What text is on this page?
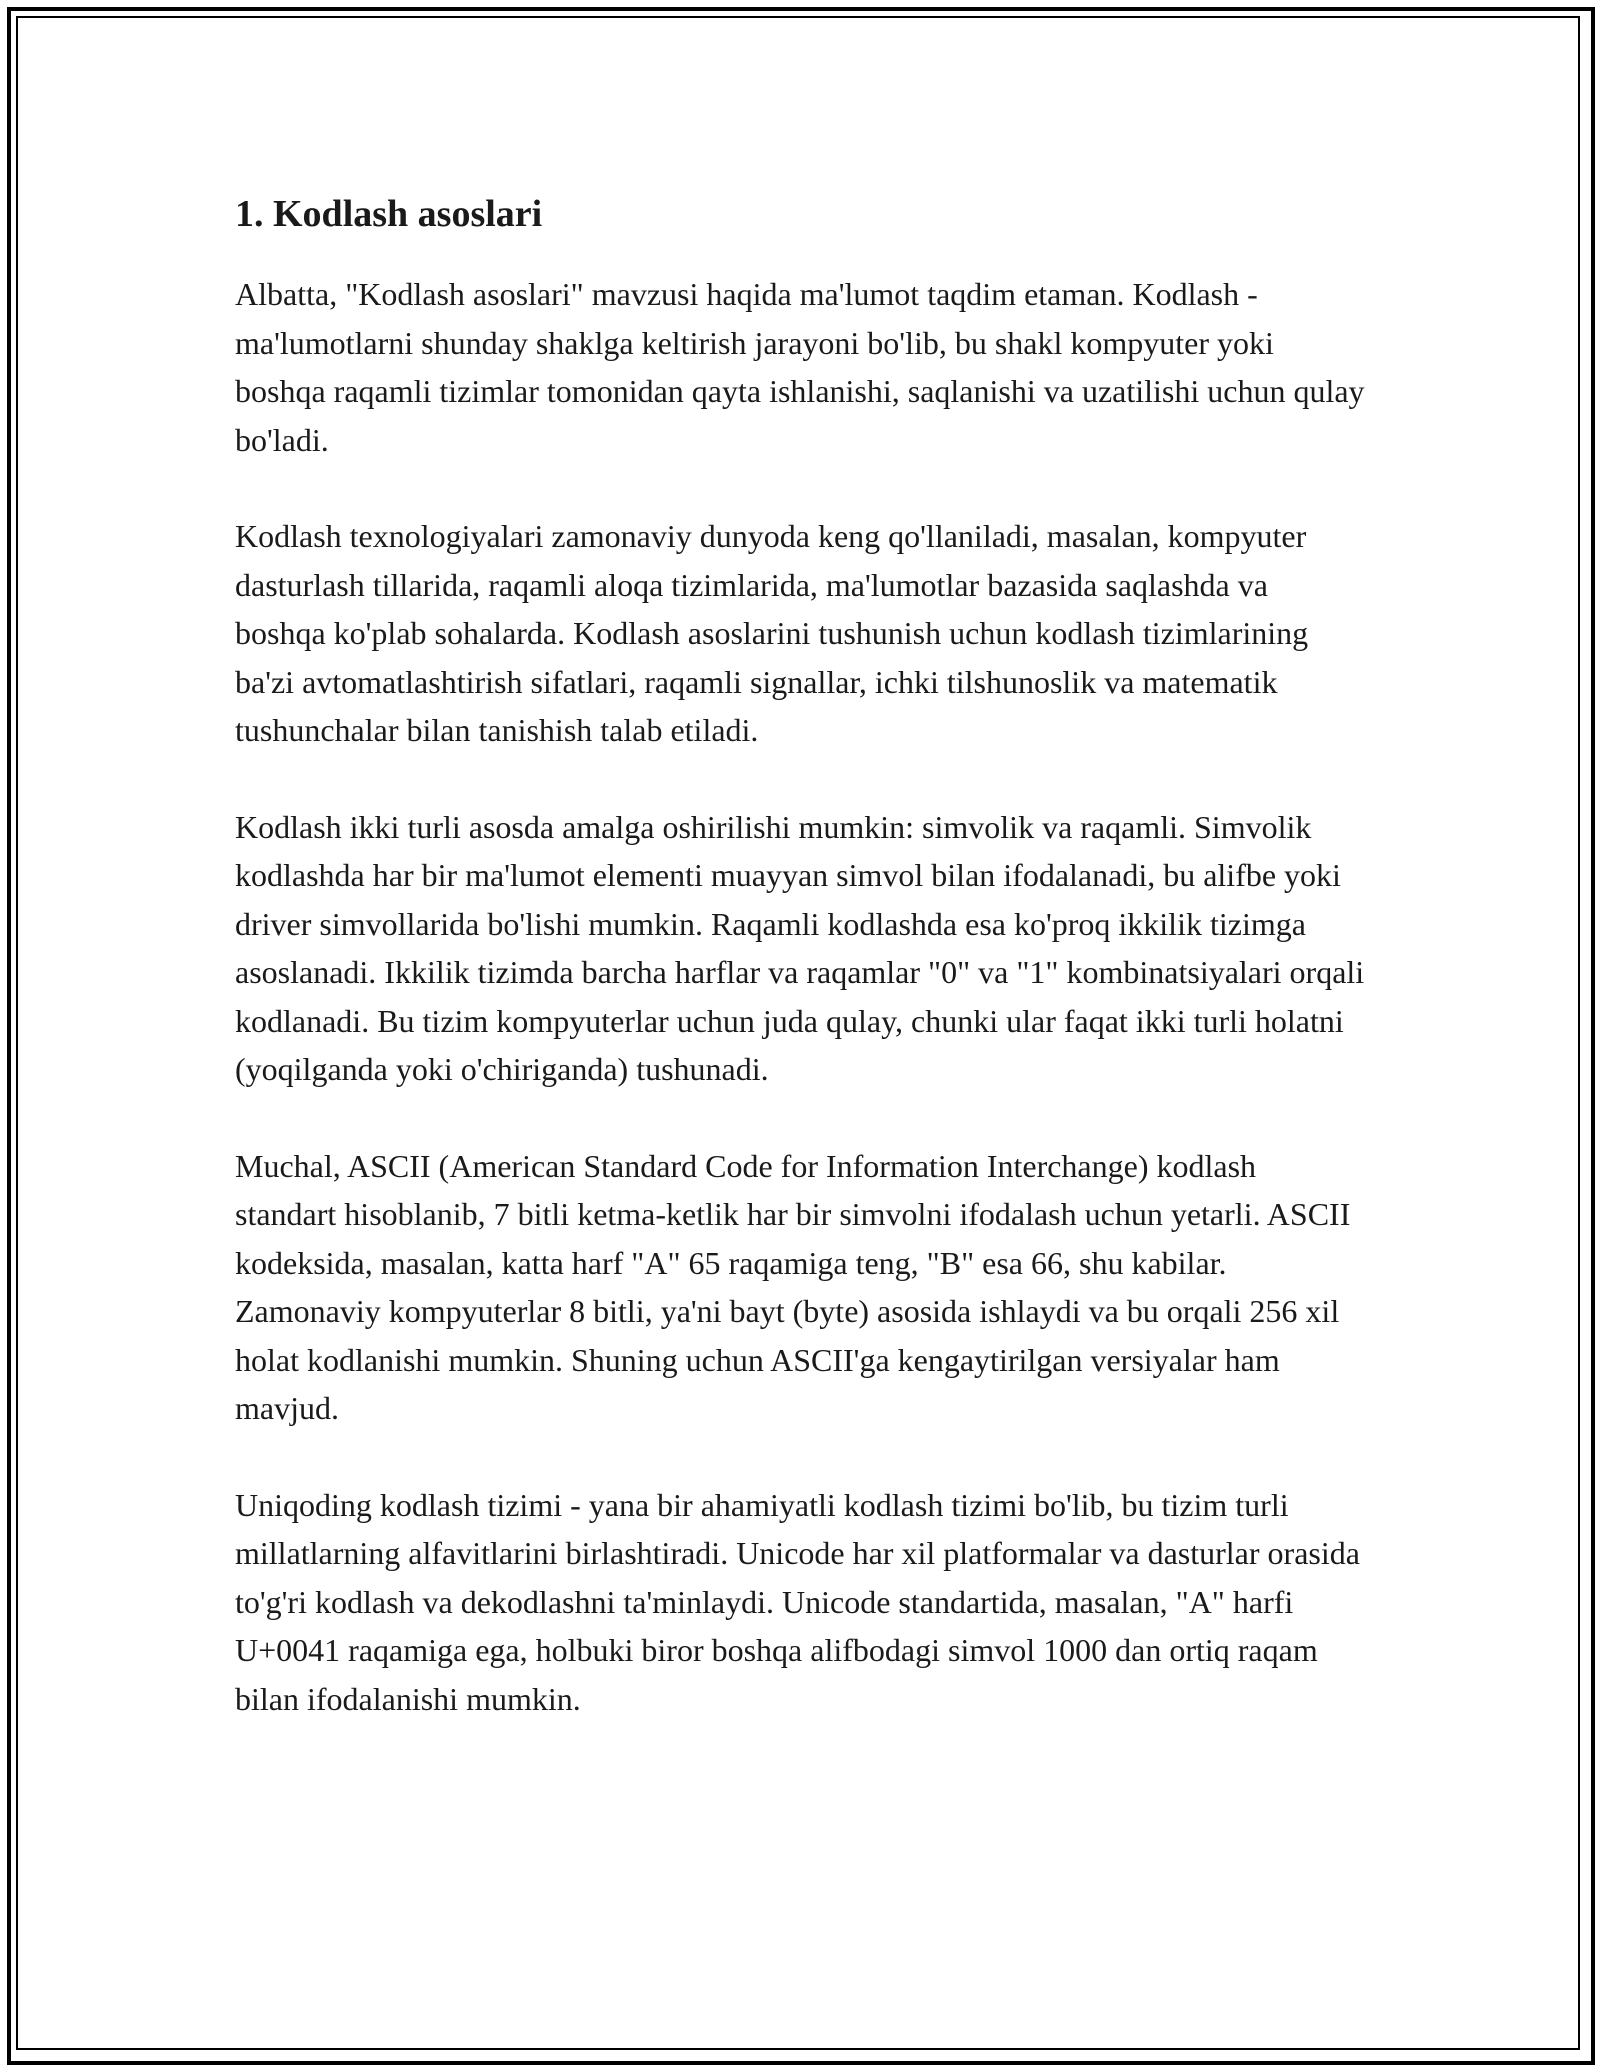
1. Kodlash asoslari

Albatta, "Kodlash asoslari" mavzusi haqida ma'lumot taqdim etaman. Kodlash - ma'lumotlarni shunday shaklga keltirish jarayoni bo'lib, bu shakl kompyuter yoki boshqa raqamli tizimlar tomonidan qayta ishlanishi, saqlanishi va uzatilishi uchun qulay bo'ladi.

Kodlash texnologiyalari zamonaviy dunyoda keng qo'llaniladi, masalan, kompyuter dasturlash tillarida, raqamli aloqa tizimlarida, ma'lumotlar bazasida saqlashda va boshqa ko'plab sohalarda. Kodlash asoslarini tushunish uchun kodlash tizimlarining ba'zi avtomatlashtirish sifatlari, raqamli signallar, ichki tilshunoslik va matematik tushunchalar bilan tanishish talab etiladi.

Kodlash ikki turli asosda amalga oshirilishi mumkin: simvolik va raqamli. Simvolik kodlashda har bir ma'lumot elementi muayyan simvol bilan ifodalanadi, bu alifbe yoki driver simvollarida bo'lishi mumkin. Raqamli kodlashda esa ko'proq ikkilik tizimga asoslanadi. Ikkilik tizimda barcha harflar va raqamlar "0" va "1" kombinatsiyalari orqali kodlanadi. Bu tizim kompyuterlar uchun juda qulay, chunki ular faqat ikki turli holatni (yoqilganda yoki o'chiriganda) tushunadi.

Muchal, ASCII (American Standard Code for Information Interchange) kodlash standart hisoblanib, 7 bitli ketma-ketlik har bir simvolni ifodalash uchun yetarli. ASCII kodeksida, masalan, katta harf "A" 65 raqamiga teng, "B" esa 66, shu kabilar. Zamonaviy kompyuterlar 8 bitli, ya'ni bayt (byte) asosida ishlaydi va bu orqali 256 xil holat kodlanishi mumkin. Shuning uchun ASCII'ga kengaytirilgan versiyalar ham mavjud.

Uniqoding kodlash tizimi - yana bir ahamiyatli kodlash tizimi bo'lib, bu tizim turli millatlarning alfavitlarini birlashtiradi. Unicode har xil platformalar va dasturlar orasida to'g'ri kodlash va dekodlashni ta'minlaydi. Unicode standartida, masalan, "A" harfi U+0041 raqamiga ega, holbuki biror boshqa alifbodagi simvol 1000 dan ortiq raqam bilan ifodalanishi mumkin.
